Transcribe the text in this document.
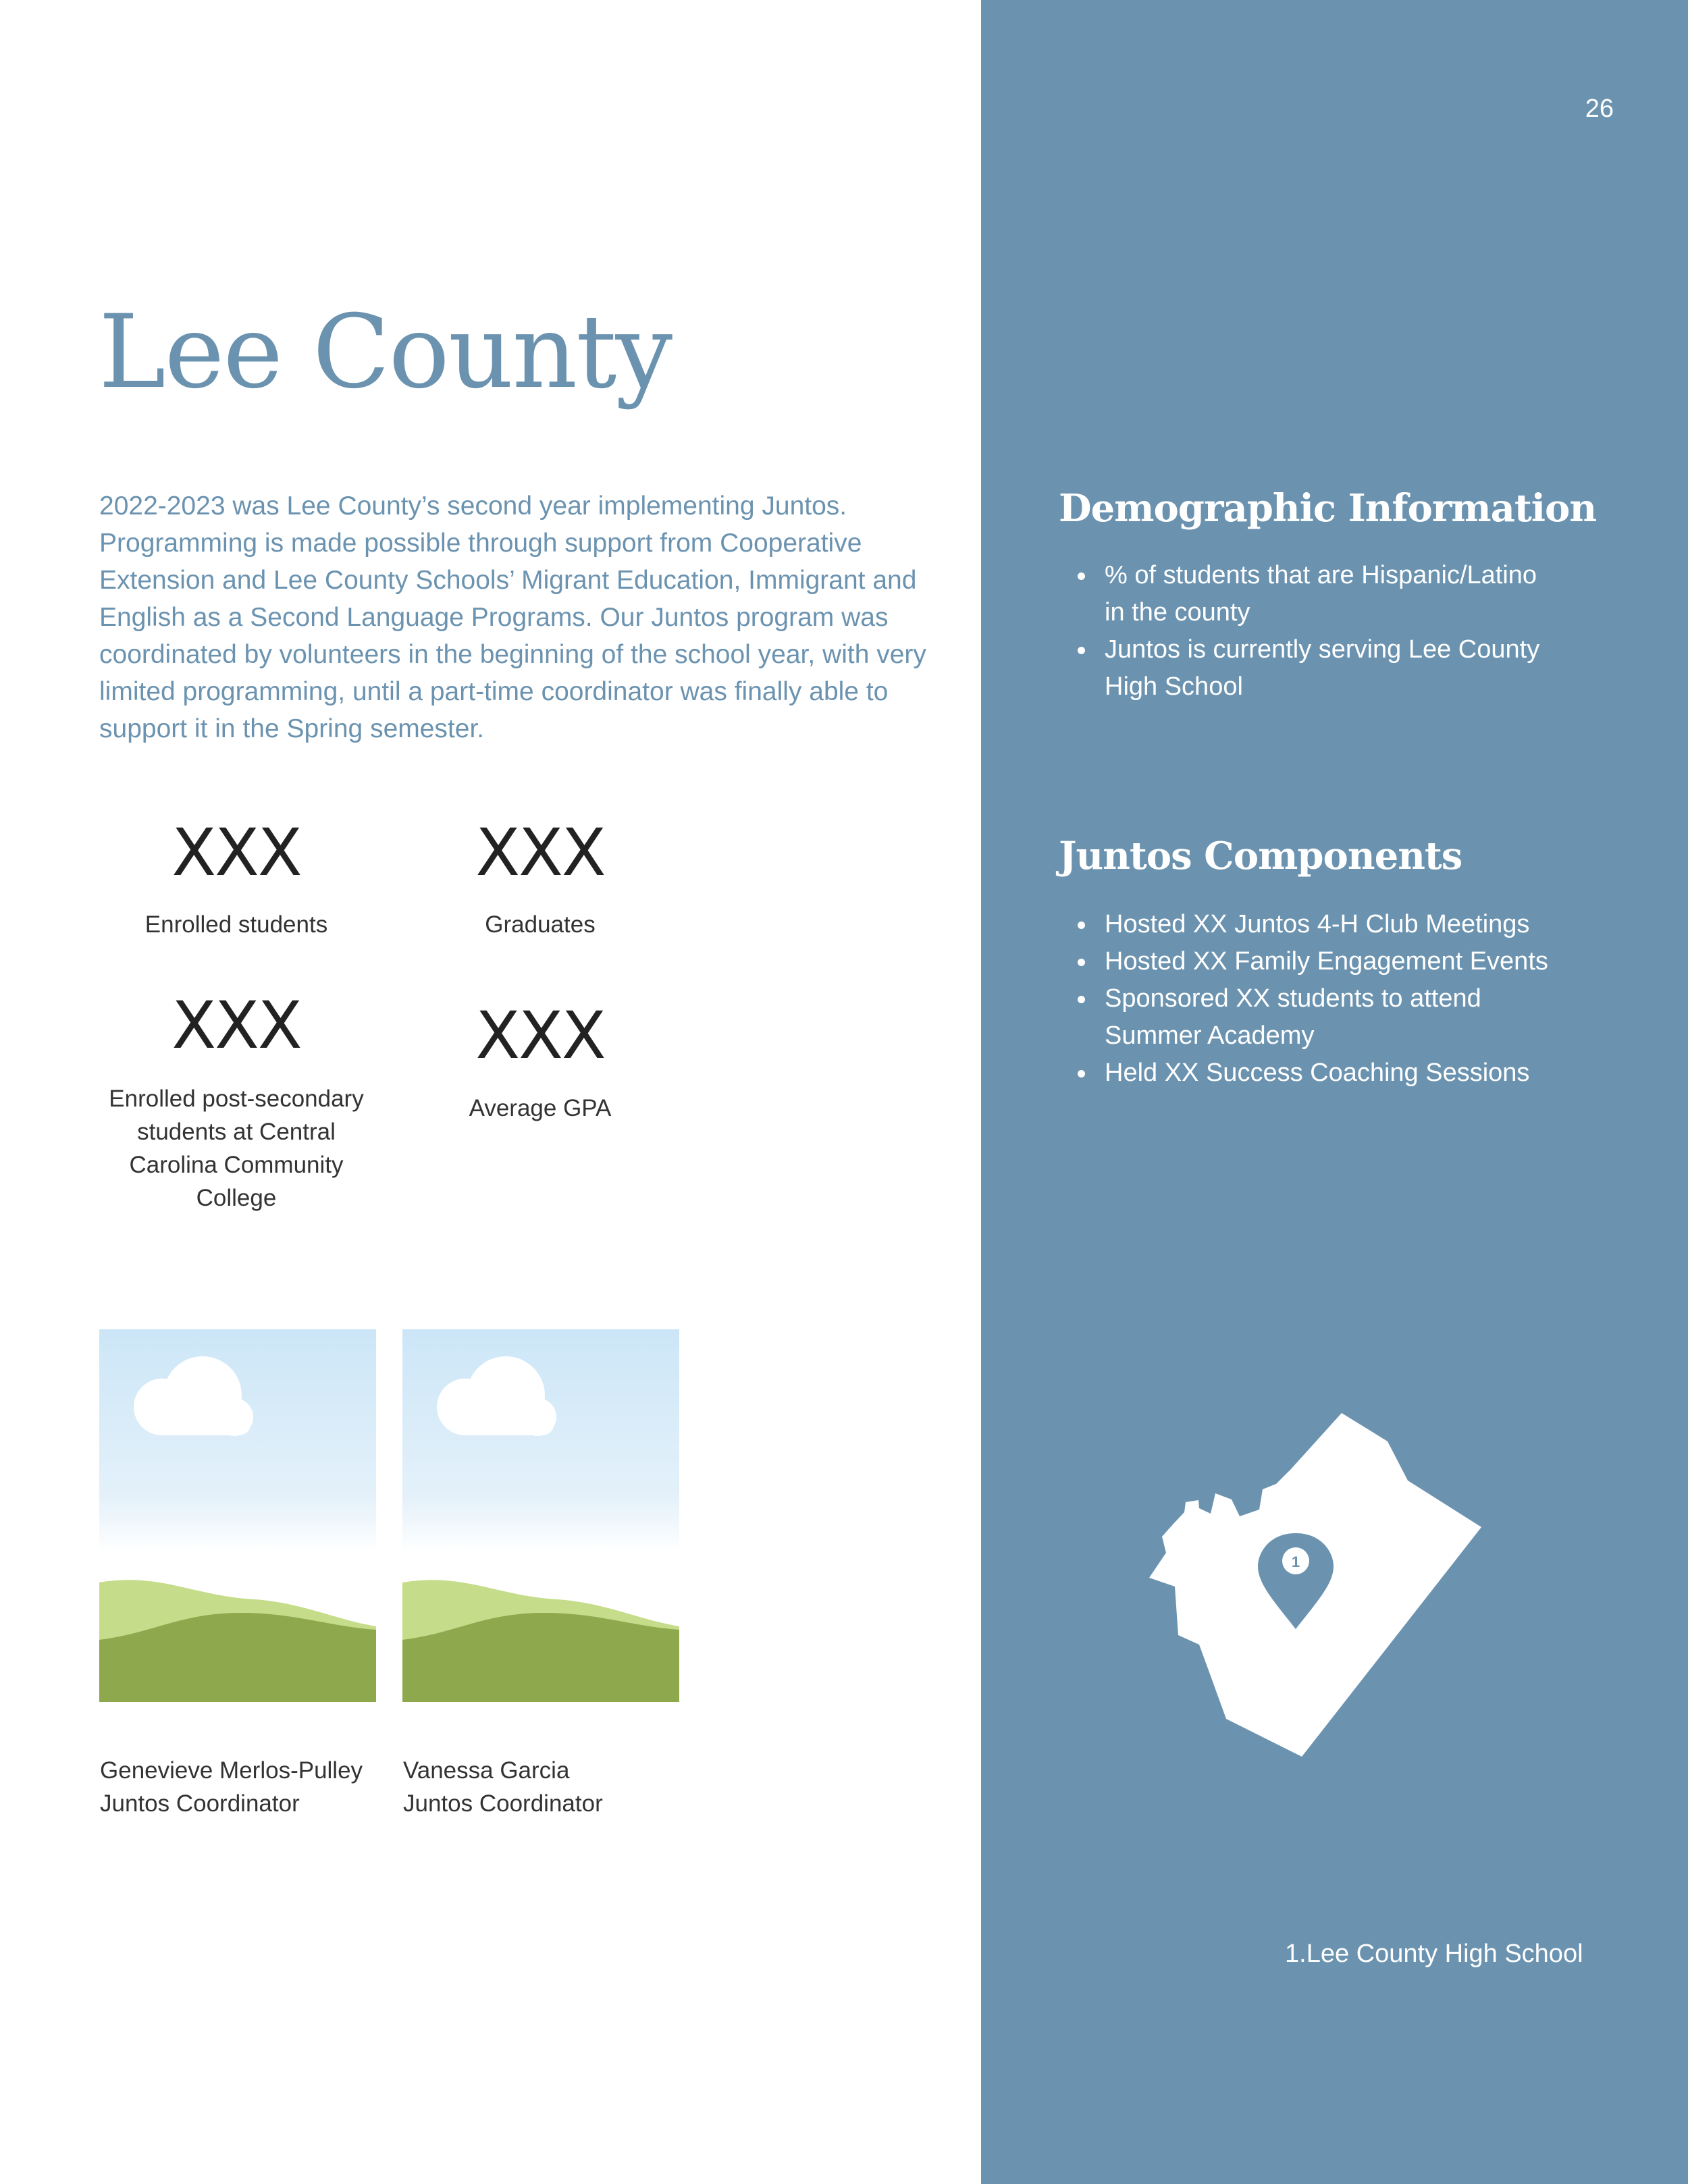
26
Lee County
2022-2023 was Lee County’s second year implementing Juntos. Programming is made possible through support from Cooperative Extension and Lee County Schools’ Migrant Education, Immigrant and English as a Second Language Programs. Our Juntos program was coordinated by volunteers in the beginning of the school year, with very limited programming, until a part-time coordinator was finally able to support it in the Spring semester.
XXX
Enrolled students
XXX
Graduates
XXX
Enrolled post-secondary students at Central Carolina Community College
XXX
Average GPA
Genevieve Merlos-Pulley
Juntos Coordinator
Vanessa Garcia
Juntos Coordinator
Demographic Information
% of students that are Hispanic/Latino in the county
Juntos is currently serving Lee County High School
Juntos Components
Hosted XX Juntos 4-H Club Meetings
Hosted XX Family Engagement Events
Sponsored XX students to attend Summer Academy
Held XX Success Coaching Sessions
1
1.Lee County High School
